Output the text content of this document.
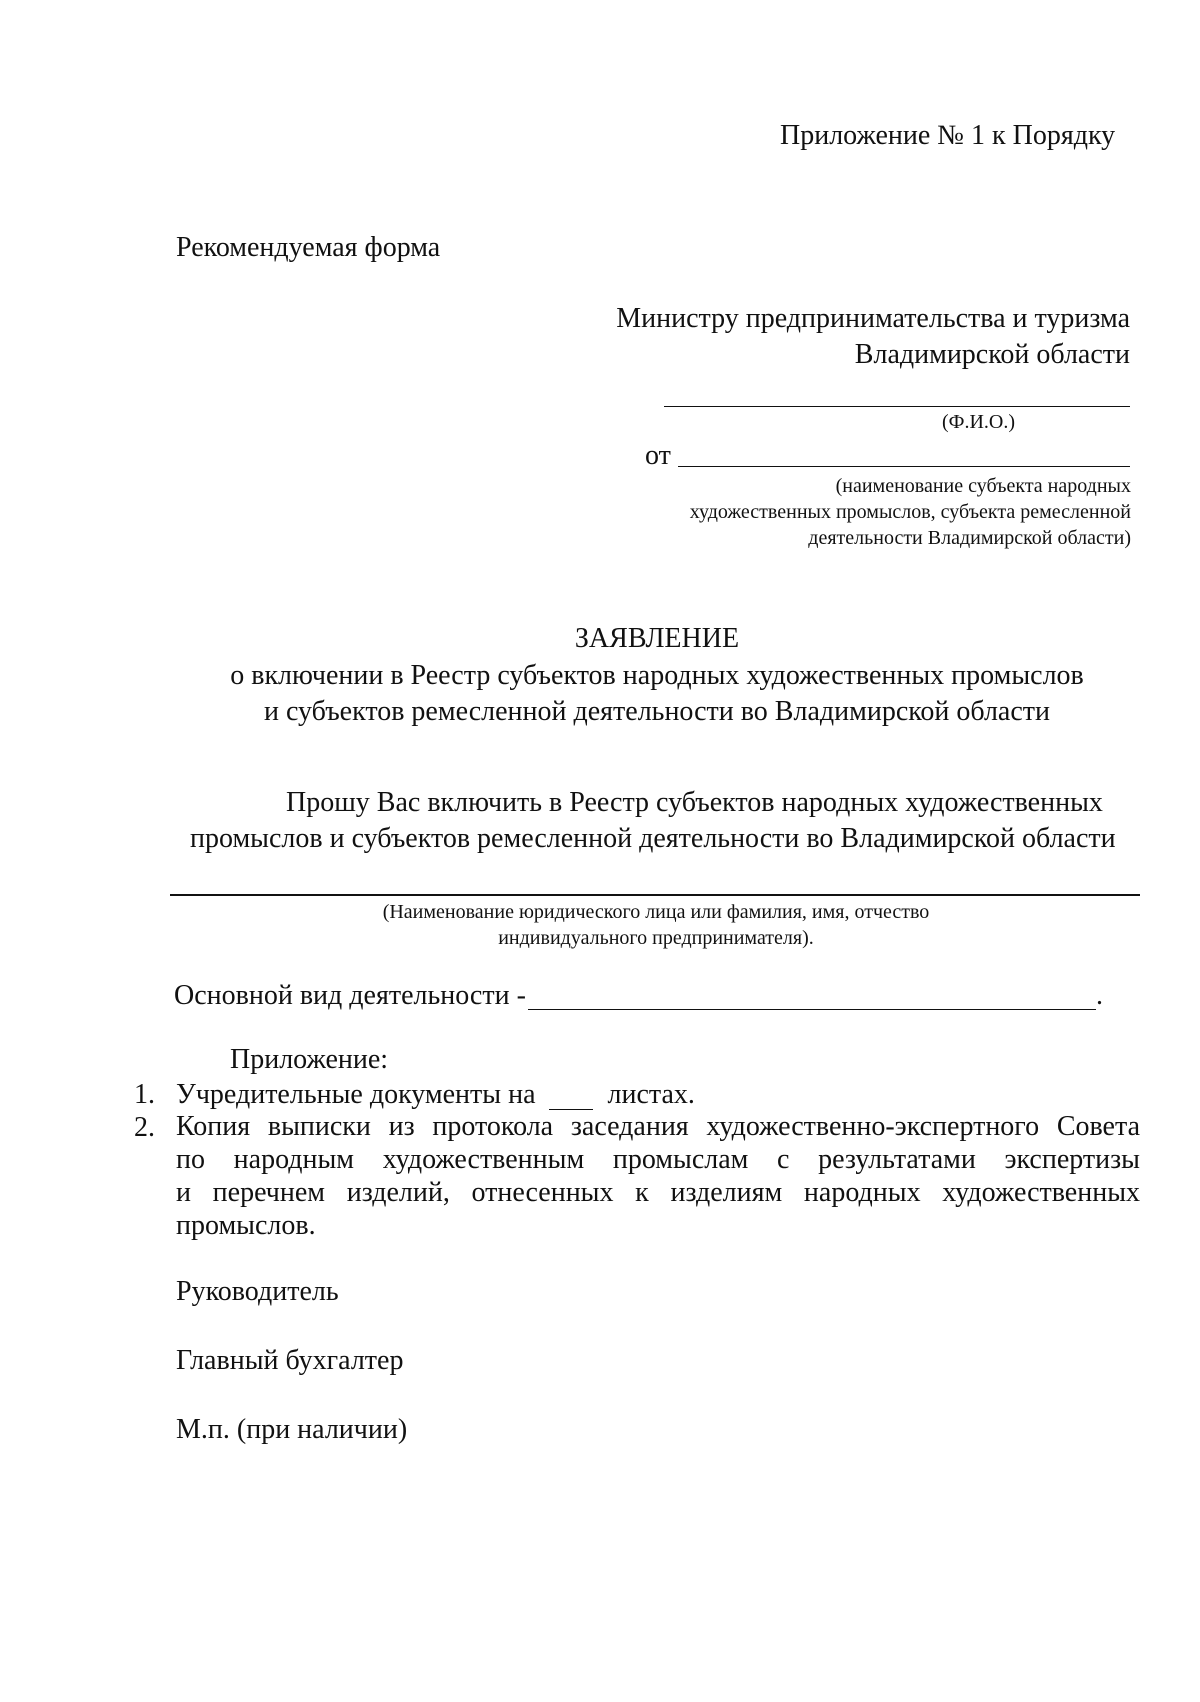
Приложение № 1 к Порядку
Рекомендуемая форма
Министру предпринимательства и туризма
Владимирской области
(Ф.И.О.)
от
(наименование субъекта народных
художественных промыслов, субъекта ремесленной
деятельности Владимирской области)
ЗАЯВЛЕНИЕ
о включении в Реестр субъектов народных художественных промыслов
и субъектов ремесленной деятельности во Владимирской области
Прошу Вас включить в Реестр субъектов народных художественных
промыслов и субъектов ремесленной деятельности во Владимирской области
(Наименование юридического лица или фамилия, имя, отчество
индивидуального предпринимателя).
Основной вид деятельности -	.
Приложение:
1. Учредительные документы на	листах.
2. Копия выписки из протокола заседания художественно-экспертного Совета
по народным художественным промыслам с результатами экспертизы
и перечнем изделий, отнесенных к изделиям народных художественных
промыслов.
Руководитель
Главный бухгалтер
М.п. (при наличии)
